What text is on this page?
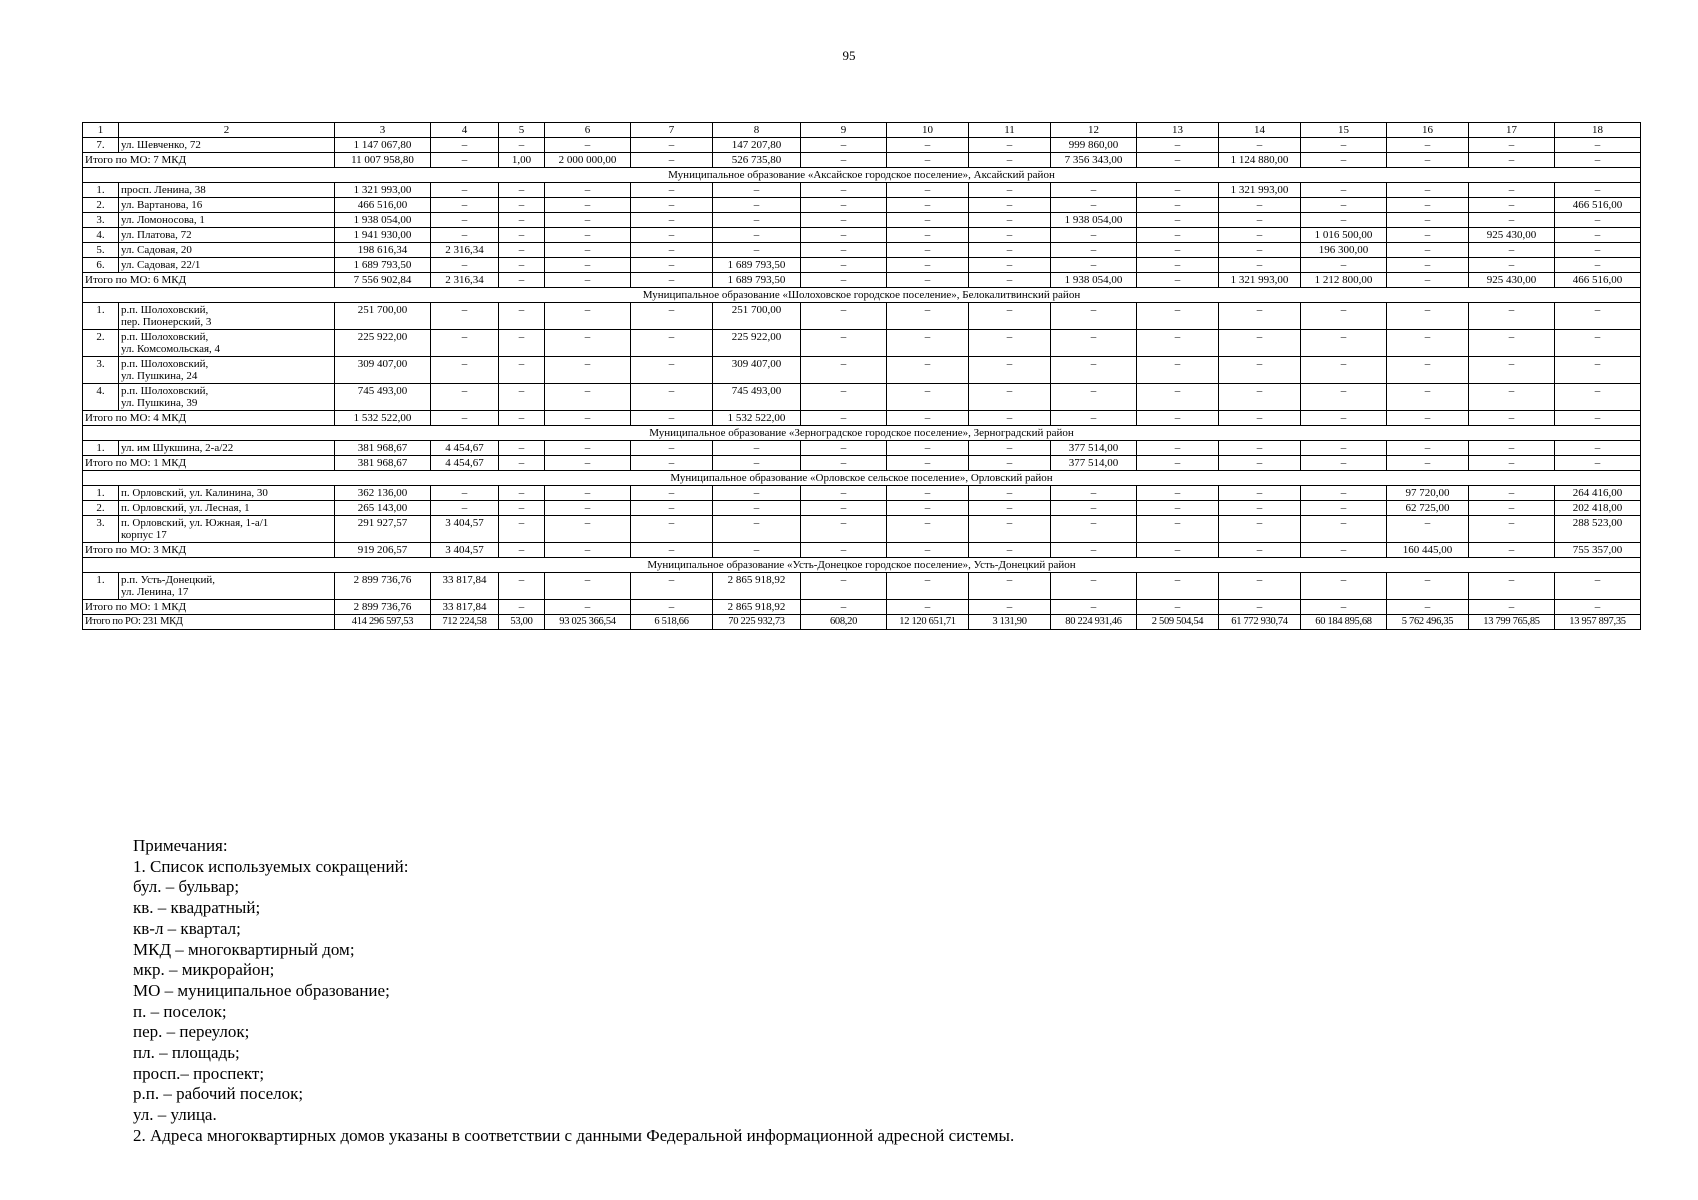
95
1	2	3	4	5	6	7	8	9	10	11	12	13	14	15	16	17	18
7.	ул. Шевченко, 72	1 147 067,80	–	–	–	–	147 207,80	–	–	–	999 860,00	–	–	–	–	–	–
Итого по МО: 7 МКД		11 007 958,80	–	1,00	2 000 000,00	–	526 735,80	–	–	–	7 356 343,00	–	1 124 880,00	–	–	–	–
Муниципальное образование «Аксайское городское поселение», Аксайский район																	
1.	просп. Ленина, 38	1 321 993,00	–	–	–	–	–	–	–	–	–	–	1 321 993,00	–	–	–	–
2.	ул. Вартанова, 16	466 516,00	–	–	–	–	–	–	–	–	–	–	–	–	–	–	466 516,00
3.	ул. Ломоносова, 1	1 938 054,00	–	–	–	–	–	–	–	–	1 938 054,00	–	–	–	–	–	–
4.	ул. Платова, 72	1 941 930,00	–	–	–	–	–	–	–	–	–	–	–	1 016 500,00	–	925 430,00	–
5.	ул. Садовая, 20	198 616,34	2 316,34	–	–	–	–	–	–	–	–	–	–	196 300,00	–	–	–
6.	ул. Садовая, 22/1	1 689 793,50	–	–	–	–	1 689 793,50	–	–	–	–	–	–	–	–	–	–
Итого по МО: 6 МКД		7 556 902,84	2 316,34	–	–	–	1 689 793,50	–	–	–	1 938 054,00	–	1 321 993,00	1 212 800,00	–	925 430,00	466 516,00
Муниципальное образование «Шолоховское городское поселение», Белокалитвинский район																	
1.	р.п. Шолоховский,
пер. Пионерский, 3	251 700,00	–	–	–	–	251 700,00	–	–	–	–	–	–	–	–	–	–
2.	р.п. Шолоховский,
ул. Комсомольская, 4	225 922,00	–	–	–	–	225 922,00	–	–	–	–	–	–	–	–	–	–
3.	р.п. Шолоховский,
ул. Пушкина, 24	309 407,00	–	–	–	–	309 407,00	–	–	–	–	–	–	–	–	–	–
4.	р.п. Шолоховский,
ул. Пушкина, 39	745 493,00	–	–	–	–	745 493,00	–	–	–	–	–	–	–	–	–	–
Итого по МО: 4 МКД		1 532 522,00	–	–	–	–	1 532 522,00	–	–	–	–	–	–	–	–	–	–
Муниципальное образование «Зерноградское городское поселение», Зерноградский район																	
1.	ул. им Шукшина, 2-а/22	381 968,67	4 454,67	–	–	–	–	–	–	–	377 514,00	–	–	–	–	–	–
Итого по МО: 1 МКД		381 968,67	4 454,67	–	–	–	–	–	–	–	377 514,00	–	–	–	–	–	–
Муниципальное образование «Орловское сельское поселение», Орловский район																	
1.	п. Орловский, ул. Калинина, 30	362 136,00	–	–	–	–	–	–	–	–	–	–	–	–	97 720,00	–	264 416,00
2.	п. Орловский, ул. Лесная, 1	265 143,00	–	–	–	–	–	–	–	–	–	–	–	–	62 725,00	–	202 418,00
3.	п. Орловский, ул. Южная, 1-а/1
корпус 17	291 927,57	3 404,57	–	–	–	–	–	–	–	–	–	–	–	–	–	288 523,00
Итого по МО: 3 МКД		919 206,57	3 404,57	–	–	–	–	–	–	–	–	–	–	–	160 445,00	–	755 357,00
Муниципальное образование «Усть-Донецкое городское поселение», Усть-Донецкий район																	
1.	р.п. Усть-Донецкий,
ул. Ленина, 17	2 899 736,76	33 817,84	–	–	–	2 865 918,92	–	–	–	–	–	–	–	–	–	–
Итого по МО: 1 МКД		2 899 736,76	33 817,84	–	–	–	2 865 918,92	–	–	–	–	–	–	–	–	–	–
Итого по РО: 231 МКД		414 296 597,53	712 224,58	53,00	93 025 366,54	6 518,66	70 225 932,73	608,20	12 120 651,71	3 131,90	80 224 931,46	2 509 504,54	61 772 930,74	60 184 895,68	5 762 496,35	13 799 765,85	13 957 897,35
Примечания:
1. Список используемых сокращений:
бул. – бульвар;
кв. – квадратный;
кв-л – квартал;
МКД – многоквартирный дом;
мкр. – микрорайон;
МО – муниципальное образование;
п. – поселок;
пер. – переулок;
пл. – площадь;
просп.– проспект;
р.п. – рабочий поселок;
ул. – улица.
2. Адреса многоквартирных домов указаны в соответствии с данными Федеральной информационной адресной системы.
